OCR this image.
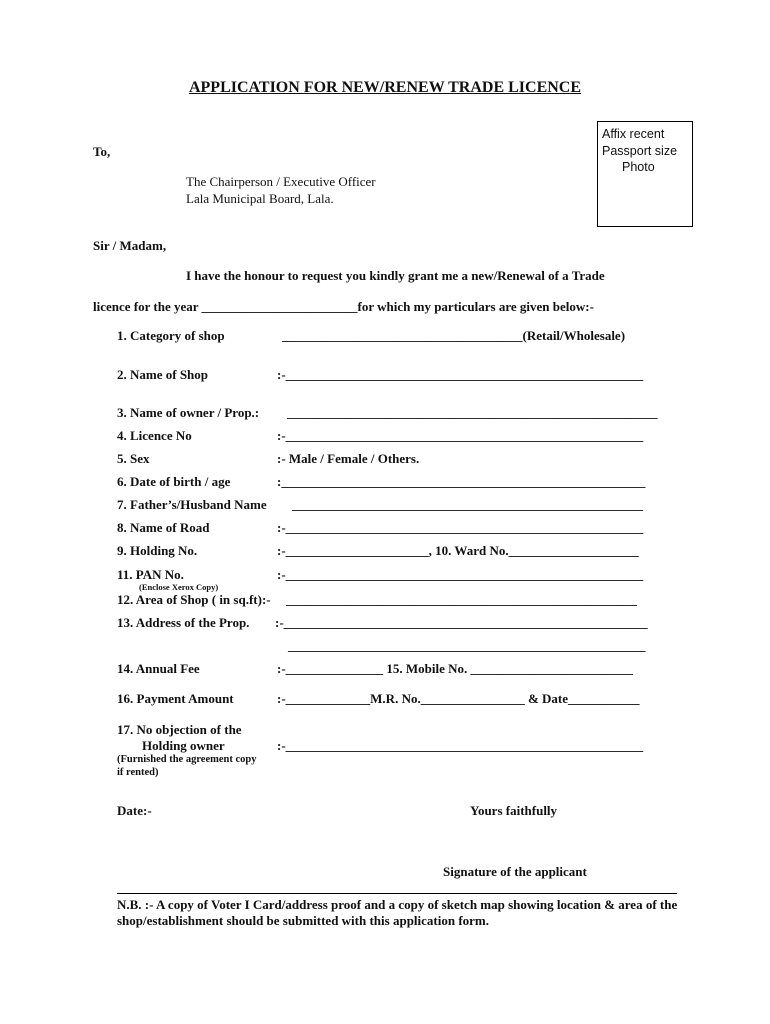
APPLICATION FOR NEW/RENEW TRADE LICENCE
Affix recent
Passport size
Photo
To,
The Chairperson / Executive Officer
Lala Municipal Board, Lala.
Sir / Madam,
I have the honour to request you kindly grant me a new/Renewal of a Trade
licence for the year ________________________for which my particulars are given below:-
1. Category of shop	_____________________________________(Retail/Wholesale)
2. Name of Shop	:-_______________________________________________________
3. Name of owner / Prop.: _________________________________________________________
4. Licence No	:-_______________________________________________________
5. Sex	:- Male / Female / Others.
6. Date of birth / age	:________________________________________________________
7. Father’s/Husband Name ______________________________________________________
8. Name of Road	:-_______________________________________________________
9. Holding No.	:-______________________, 10. Ward No.____________________
11. PAN No.
(Enclose Xerox Copy)
:-_______________________________________________________
12. Area of Shop ( in sq.ft):- ______________________________________________________
13. Address of the Prop. :-________________________________________________________
_______________________________________________________
14. Annual Fee	:-_______________ 15. Mobile No. _________________________
16. Payment Amount	:-_____________M.R. No.________________ & Date___________
17. No objection of the
Holding owner
(Furnished the agreement copy
if rented)
:-_______________________________________________________
Date:-	Yours faithfully
Signature of the applicant
N.B. :- A copy of Voter I Card/address proof and a copy of sketch map showing location & area of the shop/establishment should be submitted with this application form.
